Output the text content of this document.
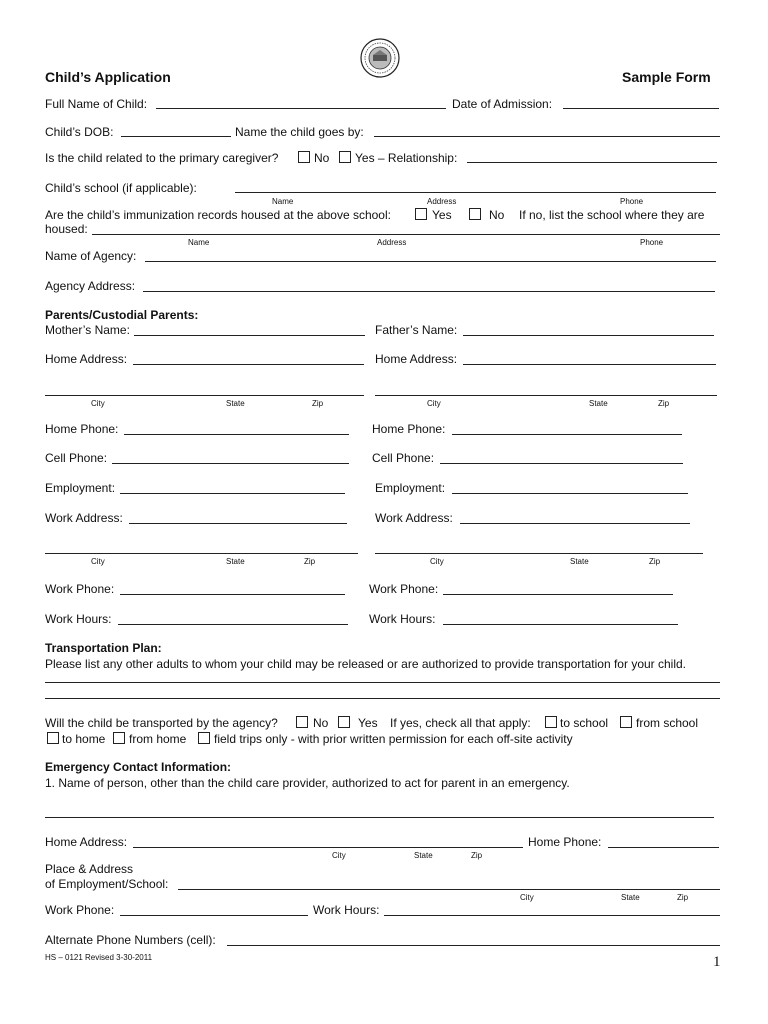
Child’s Application	Sample Form
Full Name of Child:	Date of Admission:
Child’s DOB:	Name the child goes by:
Is the child related to the primary caregiver?	No Yes – Relationship:
Child’s school (if applicable):
Name	Address	Phone
Are the child’s immunization records housed at the above school:	Yes	No If no, list the school where they are
housed:
Name	Address	Phone
Name of Agency:
Agency Address:
Parents/Custodial Parents:
Mother’s Name:
Home Address:
City	State	Zip
Home Phone:
Cell Phone:
Employment:
Work Address:
City	State	Zip
Work Phone:
Work Hours:
Father’s Name:
Home Address:
City	State	Zip
Home Phone:
Cell Phone:
Employment:
Work Address:
City	State	Zip
Work Phone:
Work Hours:
Transportation Plan:
Please list any other adults to whom your child may be released or are authorized to provide transportation for your child.
Will the child be transported by the agency?	No Yes If yes, check all that apply: to school from school
to home from home field trips only - with prior written permission for each off-site activity
Emergency Contact Information:
1. Name of person, other than the child care provider, authorized to act for parent in an emergency.
Home Address:	Home Phone:
City	State	Zip
Place & Address
of Employment/School:
City	State	Zip
Work Phone:	Work Hours:
Alternate Phone Numbers (cell):
HS – 0121 Revised 3-30-2011	1
